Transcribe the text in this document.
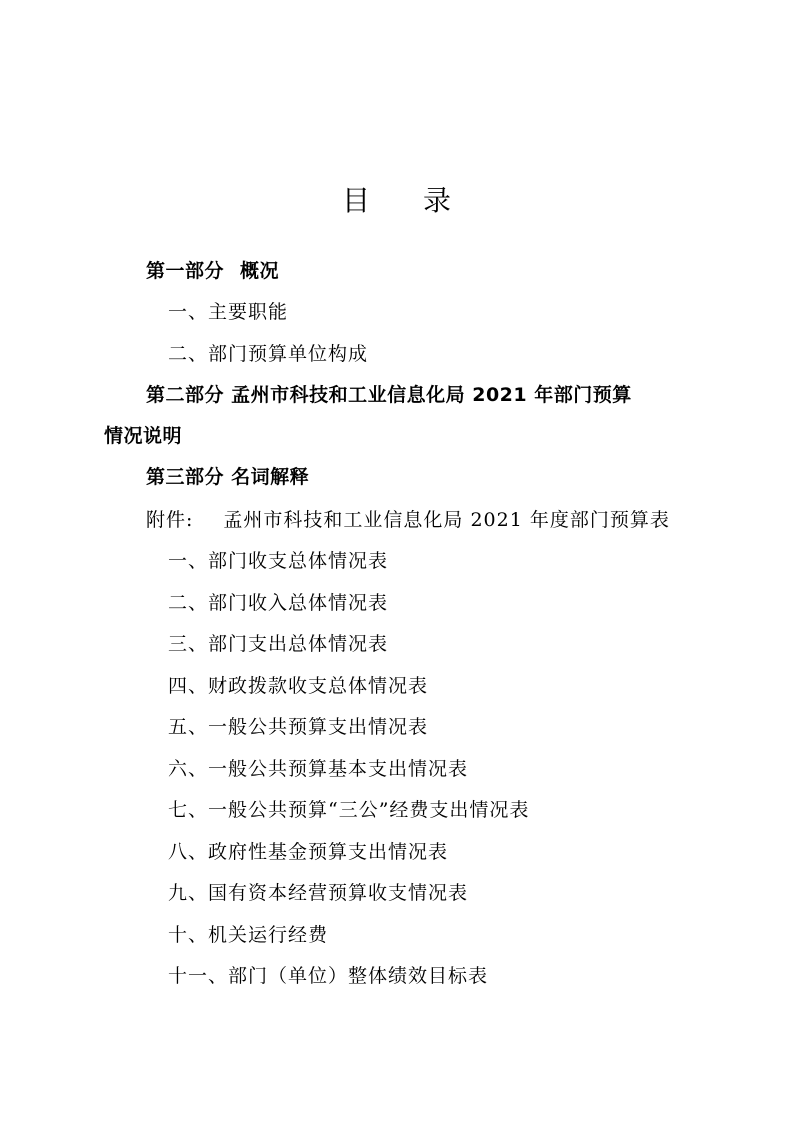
目 录
第一部分 概况
一、主要职能
二、部门预算单位构成
第二部分 孟州市科技和工业信息化局 2021 年部门预算
情况说明
第三部分 名词解释
附件: 孟州市科技和工业信息化局 2021 年度部门预算表
一、部门收支总体情况表
二、部门收入总体情况表
三、部门支出总体情况表
四、财政拨款收支总体情况表
五、一般公共预算支出情况表
六、一般公共预算基本支出情况表
七、一般公共预算“三公”经费支出情况表
八、政府性基金预算支出情况表
九、国有资本经营预算收支情况表
十、机关运行经费
十一、部门（单位）整体绩效目标表
